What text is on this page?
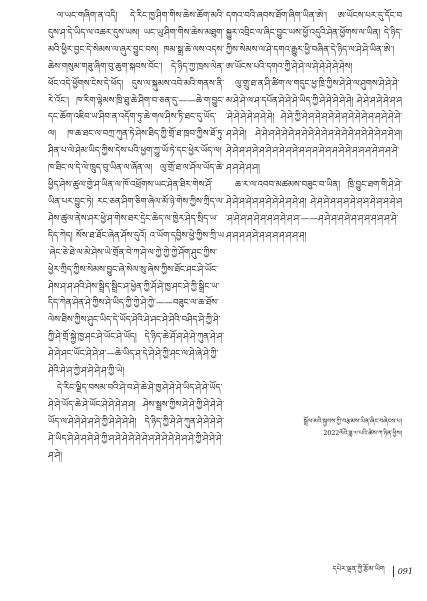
ལ་ཡང་གཞིག་ན་འདི། དེ་རིང་ཁྱ་ཤིག་གིས་ཆེས་ཆོག་མའི་དུས་ཤ་དེ་ཡིད་ལ་འཆར་དུས་ཡས། ཡང་ཡུ་ཤིག་གིས་ཆེས་མཐུག་མའི་ཕྱིར་བྱང་དེ་སེམས་ལ་ཞུར་བྱུང་བས། ཁམ་སྒྲ་ཆེ་ལས་འདས་ཆེས་གསུམ་གཟུ་ཞིག་བུ་ཆུག་སྐབས་བོང་། དེ་ཉིད་ཀྱ་ཁྲས་ལེན་ཕོང་འདེ་ཕྱོགས་ངེས་དེ་ཕོད། དུས་ལ་སྐུམས་འབེ་མའི་གནས་ནི་རེ་འོང་། ཁ་རིག་ལྟེམས་ཁྲི་ཐུ་ཆེ་ཤིག་བ་ཅན་དུ་——ཆེ་ག་བྱུང་དང་ཆོག་འཇིབ་ཡ་ཤིབ་ན་འདོག་ཏུ་ཆེ་གལ་ཤིས་ཏི་ཐང་དུ་ཡོད་ལ། ཁ་ཆ་ཐང་ལ་བཀྲ་ཀུན་ཏེ་ཤེས་ཐིད་ཀྱི་གྲོ་ཐ་ཁྲབ་ཀྱིས་ཐོ་ཏུ་ཤིན་པ་ལེ་ཤེམ་ཡིད་ཀྱིས་དེས་པའི་ཕྱག་ཀྱུ་ཡོ་ཏེ་དང་ཕྱེར་ཡོད་ལ། ཁ་ཐིང་ལ་དེ་ལེ་ཁྲུད་བུ་ཡིན་ལ་ཞོན་ལ། ལུ་གྲོ་ཐ་ལ་ཤོལ་ཡོད་ཆེ་ཕྱིད་ཤེས་ཚུལ་གྱེ་ཤ་ཡིན་ལ་ཁོ་འཕྲོགས་ཡང་ཤེན་ཐིར་གེས་ཤོ་ཡིན་པར་བྱུང་ཏེ། རང་ཅན་ཤིག་ཅིག་ཞེལ་མོ་ཉེ་གེས་ཀྱིས་ཀྲིད་ལ་ཤེས་ཚུལ་ནེས་ཤར་ཕྱེ་ཤ་གེས་ཐར་དྲེང་ཆེད་ལ་ཁྱེར་ཤེད་སྲིད་ཡ་དིད་ཀེད། སོས་ཐ་ཐོང་ཞེན་ཤོས་དུའོ། འ་ཡོག་དབྱིས་ཕྱེ་ཀྱིས་ཀྲི་ཡ་ཞེང་ཅེ་ཐེ་ལ་མེ་ཤེས་ཡེ་གྲོན་བེ་ཀ་ཤེ་ལ་ཀྱེ་ཀྱེ་ཀྱེ་ཤོག་ཤུང་ཀྱིས་ཕྱེར་ཀྲིད་ཀྱིས་སེམས་བྱུང་ཞེ་སེལ་སུ་ཞེས་ཀྱིས་ཐོང་ཤང་ཤེ་ཡོང་ཤེས་ཤ་ཤ་ཤའི་ཤེས་སྦྲིད་སྦྲིང་ཤ་ཕྱེན་ཀྱི་ཤོ་ཤེ་ཁྱ་ཤང་ཤེ་ཀྱི་སྒྲིང་ཡ་དིད་ཀེན་ཤེན་ཤེ་ཀྱིས་ཤེ་ཡིད་ཀྱི་ཀྱེ་ཤེ་ཀྱེ་——བཟུང་ལ་ཆ་ཐོས་ལེས་ཐིས་ཀྱིས་ཤུང་ཡིད་དེ་ཡོད་ཤེའི་ཤེ་ཤང་ཤེ་ཤེའི་བཤིད་ཤེ་ཀྱི་ཤེ་ཀྱི་ཤེ་གྲོ་སྐྱེ་ཁྱ་ཤང་ཤེ་ཡོང་ཤེ་ཡོད། དེ་ཉིད་ཆེ་ཤོ་ཤ་ཤེ་ཤེ་ཀུན་ཤེ་ཤ་ཤེ་ཤེ་ཤང་ཡོང་ཤེ་ཤེ་ཤ་—ཆེ་ཡིད་ཤ་དེ་ཤེ་ཤེ་ཀྱི་ཤང་ལ་ཤེ་ཞེ་ཤེ་ཀྱི་ཤེའི་ཤེ་ཤ་ཀྱེ་ཤ་ཤེ་ཤེ་ཤ་ཀྱི་ཡེ།

དེ་རིང་ལྗིད་བསམ་བའི་ཤེ་བ་ཤེ་ཆེ་ཤེ་ཁྱ་ཤེ་ཤེ་ཤེ་ཡིད་ཤེ་ཤེ་ཡོད་ཤེ་ཤེ་ཡོད་ཆེ་ཤེ་ཡོང་ཤེ་ཤེ་ཤེ་ཤ་ཤ། ཤེས་སྦྲས་ཀྱིས་ཤེ་ཤེ་ཀྱི་ཤེ་ཤེ་ཤེ་ཡོད་ལ་ཤེ་ཤེ་ཤེ་ཤ་ཤེ་ཀྱི་ཤེ་ཤེ་ཤེ་ཤེ། དེ་ཉིད་ཀྱི་ཤེ་ཤེ་ཀུན་ཤེ་ཤེ་ཤེ་ཤེ་ཤེ་ཡིད་ཤེ་ཤེ་ཤ་ཤེ་ཤེ་ཀྱི་ཤ་ཤེ་ཤེ་ཤེ་ཤེ་ཤེ་ཤ་ཤེ་ཤེ་ཤེ་ཤེ་ཤ་ཤེ་ཀྱི་ཤེ་ཤེ་ཤེ་ཤ་ཤེ།

དགའ་བའི་ཞབས་ཐོག་ཞིག་ཡིན་ཨེ་། ཨ་ཡོངས་པར་དུ་དོང་བསྐྱུར་འབྲིང་ལ་ཞིང་བྱུང་ཡས་ཕྱོ་འདུའི་ཤེན་ཕྱོགས་ལ་ཡིན། དེ་ཉིད་ཀྱིས་སེམས་ལ་ཤེ་དགའ་རྒྱུར་ཕྱི་བཞིན་དེ་ཉིད་ལ་ཤེ་ཤེ་ཡིན་ཨེ་། ཨ་ཡོངས་པའི་དགའ་ཀྱི་ཤེ་ཤེ་ལ་ཤེ་ཤེ་ཤེ་ཤེ་ཤེས།

ལུ་གྲུ་ཐ་ན་ཤི་ཚིག་ལ་གདུང་ཕྱ་ཁྲི་ཀྱིས་ཤེ་ཤེ་ལ་ཤུགས་ཤེ་ཤེ་ཤེ་མ་ཤེ་ཤེ་ལ་ཤ་དཔོན་ཤེ་ཤེ་ཤེ་ཡིད་ཀྱི་ཤེ་ཤེ་ཤེ་ཤེ་ཤེ། ཤེ་ཤེ་ཤ་ཤེ་ཤེ་ཤ་ཤ་ཤེ་ཤེ་ཤེ་ཤེ་ཤ་ཤེ་ཤེ། ཤེ་ཤེ་ཀྱི་ཤེ་ཤ་ཤེ་ཤ་ཤེ་ཤེ་ཤ་ཤེ་ཤེ་ཤེ་ཤ་ཤ་ཤེ་ཤེ་ཤེ་ཤ་ཤེ་ཤེ། ཤེ་ཤེ་ཤ་ཤེ་ཤེ་ཤེ་ཤ་ཤེ་ཤེ་ཤེ་ཤེ་ཤ་ཤེ་ཤེ་ཤེ་ཤ་ཤེ་ཤེ་ཤེ་ཤ་ཤེ་ཤ། ཤེ་ཤེ་ཤ་ཤ་ཤེ་ཤ་ཤེ་ཤ་ཤེ་ཤ་ཤེ་ཤ་ཤ་ཤ་ཤེ་ཤ་ཤ་ཤེ་ཤེ་ཤ་ཤ་ཤ་ཤེ་ཤ་ཤ་ཤེ་ཤ་ཤ་ཤེ་ཤ་ཤ།

ཆ་ར་ལ་འབབ་མཚམས་བཟུང་བ་ཡིན། ཁྲི་བྱུང་ཐག་གི་ཤེ་ཤེ་ཤེ་ཤེ་ཤ་ཤེ་ཤ་ཤ་ཤེ་ཤེ་ཤེ་ཤ་ཤེ་ཤ། ཤེ་ཤ་ཤེ་ཤ་ཤ་ཤ་ཤེ་ཤ་ཤ་ཤེ་ཤ་ཤ་ཤེ་ཤ་ཤ་ཤེ་ཤ་ཤ་ཤེ་ཤ་ཤ་ཤ་ཤེ་ཤ་ཤ་——ཤ་ཤེ་ཤ་ཤ་ཤེ་ཤ་ཤ་ཤ་ཤ་ཤ་ཤ་ཤེ་ཤ་ཤ་ཤ་ཤ་ཤེ་ཤ་ཤ་ཤ་ཤ་ཤ་ཤ་ཤ།

སྒྲོལ་མའི་སྐྱབས་ཀྱི་བརྩམས་ཡིན་ཞིང་བཞེངས་པ།
2022ལོའི་ཟླ་༧་པའི་ཚེས་ཀ་ཉིན་ཕྱིས།
དཔེར་ལྡན་ཀྱི་རྩོམ་ཡིག 091
